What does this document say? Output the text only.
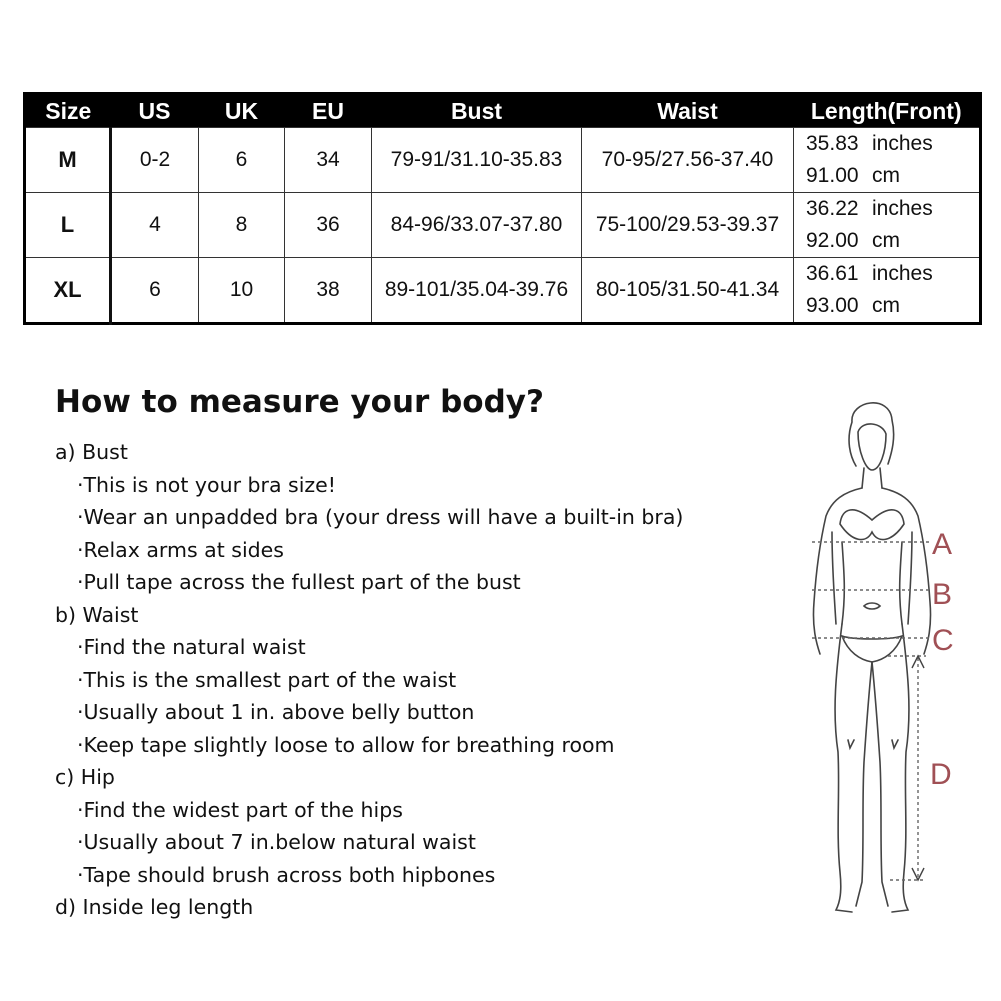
Size	US	UK	EU	Bust	Waist	Length(Front)
M	0-2	6	34	79-91/31.10-35.83	70-95/27.56-37.40	35.83 inches
91.00 cm

L	4	8	36	84-96/33.07-37.80	75-100/29.53-39.37	36.22 inches
92.00 cm

XL	6	10	38	89-101/35.04-39.76	80-105/31.50-41.34	36.61 inches
93.00 cm
How to measure your body?
a) Bust
·This is not your bra size!
·Wear an unpadded bra (your dress will have a built-in bra)
·Relax arms at sides
·Pull tape across the fullest part of the bust
b) Waist
·Find the natural waist
·This is the smallest part of the waist
·Usually about 1 in. above belly button
·Keep tape slightly loose to allow for breathing room
c) Hip
·Find the widest part of the hips
·Usually about 7 in.below natural waist
·Tape should brush across both hipbones
d) Inside leg length
A
B
C
D
